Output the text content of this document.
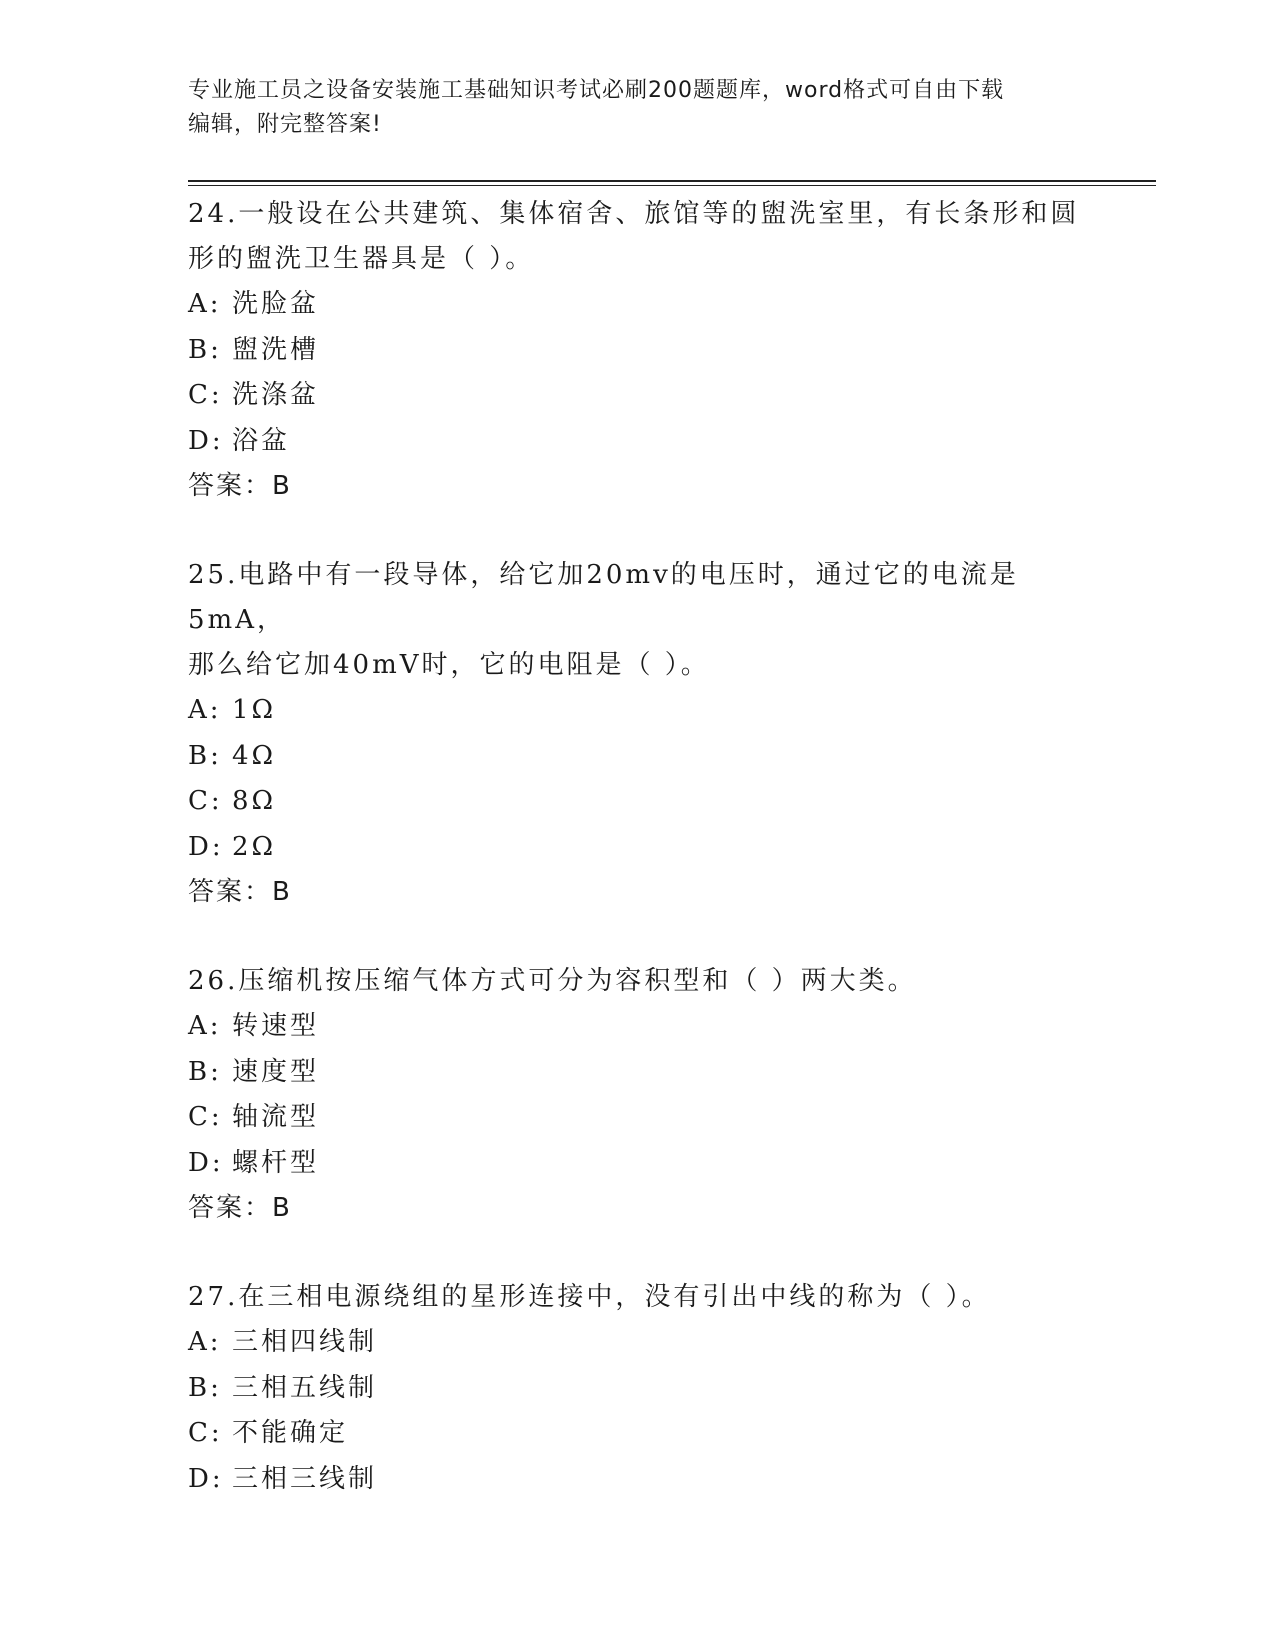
专业施工员之设备安装施工基础知识考试必刷200题题库，word格式可自由下载
编辑，附完整答案!

24.一般设在公共建筑、集体宿舍、旅馆等的盥洗室里，有长条形和圆

形的盥洗卫生器具是（ ）。

A: 洗脸盆

B: 盥洗槽

C: 洗涤盆

D: 浴盆

答案：B

25.电路中有一段导体，给它加20mv的电压时，通过它的电流是5mA，

那么给它加40mV时，它的电阻是（ ）。

A: 1Ω

B: 4Ω

C: 8Ω

D: 2Ω

答案：B

26.压缩机按压缩气体方式可分为容积型和（ ）两大类。

A: 转速型

B: 速度型

C: 轴流型

D: 螺杆型

答案：B

27.在三相电源绕组的星形连接中，没有引出中线的称为（ ）。

A: 三相四线制

B: 三相五线制

C: 不能确定

D: 三相三线制
